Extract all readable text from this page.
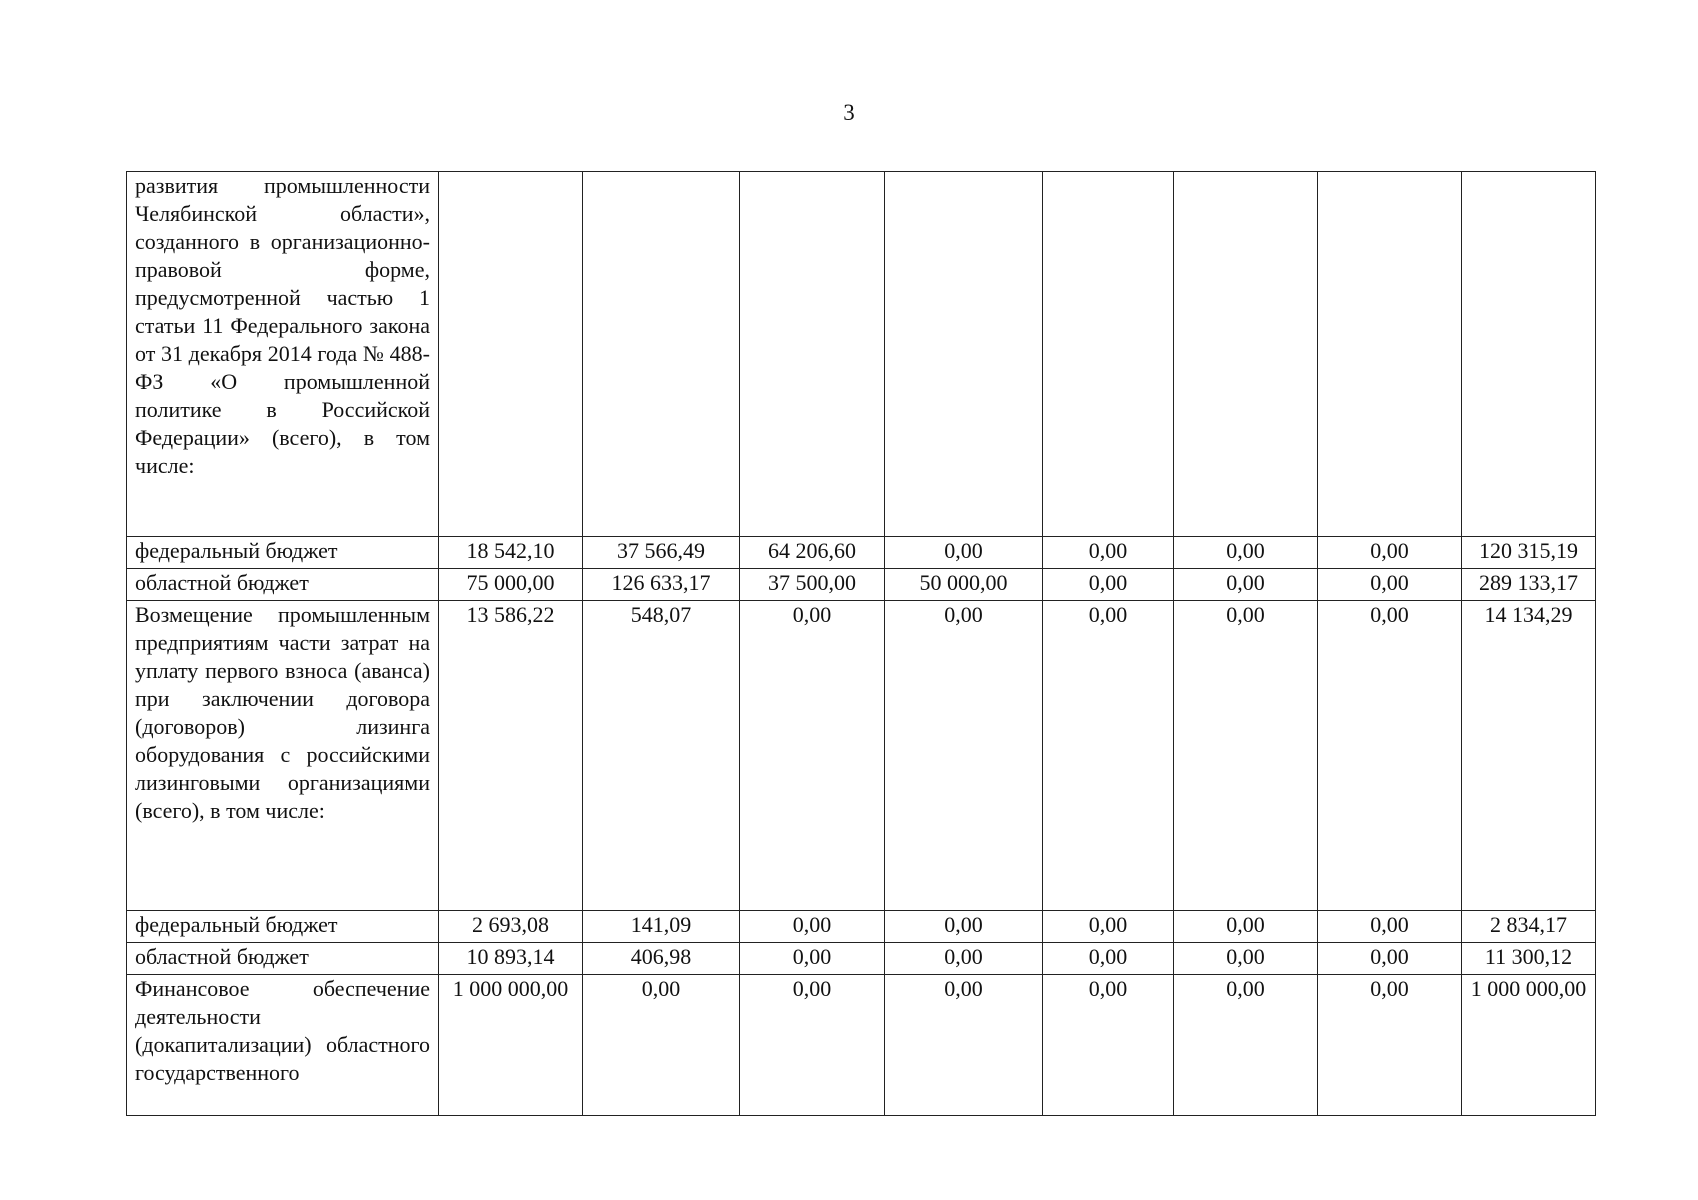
3
развития промышленности Челябинской области», созданного в организационно-правовой форме, предусмотренной частью 1 статьи 11 Федерального закона от 31 декабря 2014 года № 488-ФЗ «О промышленной политике в Российской Федерации» (всего), в том числе:								
федеральный бюджет	18 542,10	37 566,49	64 206,60	0,00	0,00	0,00	0,00	120 315,19
областной бюджет	75 000,00	126 633,17	37 500,00	50 000,00	0,00	0,00	0,00	289 133,17
Возмещение промышленным предприятиям части затрат на уплату первого взноса (аванса) при заключении договора (договоров) лизинга оборудования с российскими лизинговыми организациями (всего), в том числе:	13 586,22	548,07	0,00	0,00	0,00	0,00	0,00	14 134,29
федеральный бюджет	2 693,08	141,09	0,00	0,00	0,00	0,00	0,00	2 834,17
областной бюджет	10 893,14	406,98	0,00	0,00	0,00	0,00	0,00	11 300,12
Финансовое обеспечение деятельности (докапитализации) областного государственного	1 000 000,00	0,00	0,00	0,00	0,00	0,00	0,00	1 000 000,00
